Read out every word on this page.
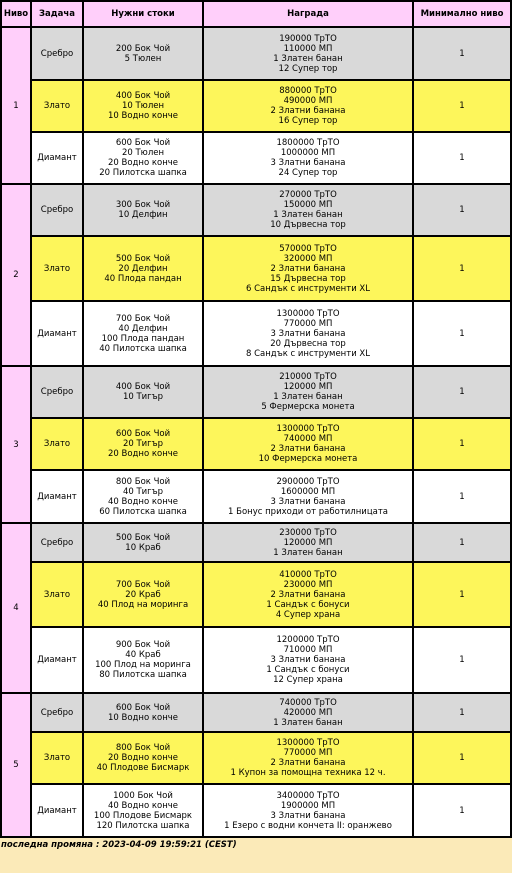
Ниво	Задача	Нужни стоки	Награда	Минимално ниво
1	Сребро	200 Бок Чой
5 Тюлен	190000 ТрТО
110000 МП
1 Златен банан
12 Супер тор	1
	Злато	400 Бок Чой
10 Тюлен
10 Водно конче	880000 ТрТО
490000 МП
2 Златни банана
16 Супер тор	1
	Диамант	600 Бок Чой
20 Тюлен
20 Водно конче
20 Пилотска шапка	1800000 ТрТО
1000000 МП
3 Златни банана
24 Супер тор	1
2	Сребро	300 Бок Чой
10 Делфин	270000 ТрТО
150000 МП
1 Златен банан
10 Дървесна тор	1
	Злато	500 Бок Чой
20 Делфин
40 Плода пандан	570000 ТрТО
320000 МП
2 Златни банана
15 Дървесна тор
6 Сандък с инструменти XL	1
	Диамант	700 Бок Чой
40 Делфин
100 Плода пандан
40 Пилотска шапка	1300000 ТрТО
770000 МП
3 Златни банана
20 Дървесна тор
8 Сандък с инструменти XL	1
3	Сребро	400 Бок Чой
10 Тигър	210000 ТрТО
120000 МП
1 Златен банан
5 Фермерска монета	1
	Злато	600 Бок Чой
20 Тигър
20 Водно конче	1300000 ТрТО
740000 МП
2 Златни банана
10 Фермерска монета	1
	Диамант	800 Бок Чой
40 Тигър
40 Водно конче
60 Пилотска шапка	2900000 ТрТО
1600000 МП
3 Златни банана
1 Бонус приходи от работилницата	1
4	Сребро	500 Бок Чой
10 Краб	230000 ТрТО
120000 МП
1 Златен банан	1
	Злато	700 Бок Чой
20 Краб
40 Плод на моринга	410000 ТрТО
230000 МП
2 Златни банана
1 Сандък с бонуси
4 Супер храна	1
	Диамант	900 Бок Чой
40 Краб
100 Плод на моринга
80 Пилотска шапка	1200000 ТрТО
710000 МП
3 Златни банана
1 Сандък с бонуси
12 Супер храна	1
5	Сребро	600 Бок Чой
10 Водно конче	740000 ТрТО
420000 МП
1 Златен банан	1
	Злато	800 Бок Чой
20 Водно конче
40 Плодове Бисмарк	1300000 ТрТО
770000 МП
2 Златни банана
1 Купон за помощна техника 12 ч.	1
	Диамант	1000 Бок Чой
40 Водно конче
100 Плодове Бисмарк
120 Пилотска шапка	3400000 ТрТО
1900000 МП
3 Златни банана
1 Езеро с водни кончета II: оранжево	1
последна промяна : 2023-04-09 19:59:21 (CEST)
